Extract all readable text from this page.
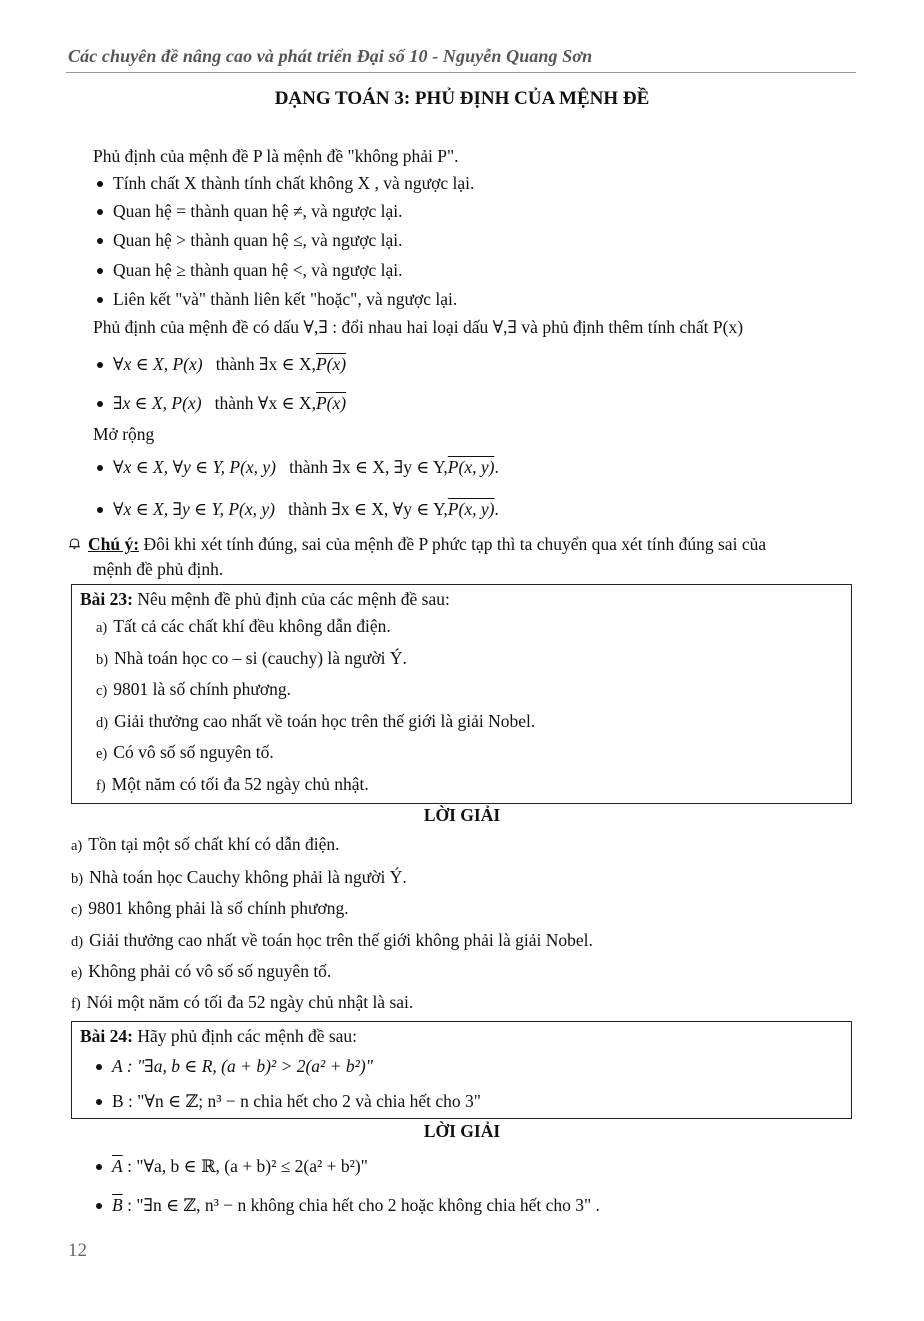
Các chuyên đề nâng cao và phát triển Đại số 10 - Nguyễn Quang Sơn
DẠNG TOÁN 3: PHỦ ĐỊNH CỦA MỆNH ĐỀ
Phủ định của mệnh đề P là mệnh đề "không phải P".
Tính chất X thành tính chất không X , và ngược lại.
Quan hệ = thành quan hệ ≠, và ngược lại.
Quan hệ > thành quan hệ ≤, và ngược lại.
Quan hệ ≥ thành quan hệ <, và ngược lại.
Liên kết "và" thành liên kết "hoặc", và ngược lại.
Phủ định của mệnh đề có dấu ∀,∃ : đổi nhau hai loại dấu ∀,∃ và phủ định thêm tính chất P(x)
∀x ∈ X, P(x) thành ∃x ∈ X,P(x)
∃x ∈ X, P(x) thành ∀x ∈ X,P(x)
Mở rộng
∀x ∈ X, ∀y ∈ Y, P(x, y) thành ∃x ∈ X, ∃y ∈ Y,P(x, y).
∀x ∈ X, ∃y ∈ Y, P(x, y) thành ∃x ∈ X, ∀y ∈ Y,P(x, y).
Chú ý: Đôi khi xét tính đúng, sai của mệnh đề P phức tạp thì ta chuyển qua xét tính đúng sai của
mệnh đề phủ định.
Bài 23: Nêu mệnh đề phủ định của các mệnh đề sau:
a) Tất cả các chất khí đều không dẫn điện.
b) Nhà toán học co – si (cauchy) là người Ý.
c) 9801 là số chính phương.
d) Giải thưởng cao nhất về toán học trên thế giới là giải Nobel.
e) Có vô số số nguyên tố.
f) Một năm có tối đa 52 ngày chủ nhật.
LỜI GIẢI
a) Tồn tại một số chất khí có dẫn điện.
b) Nhà toán học Cauchy không phải là người Ý.
c) 9801 không phải là số chính phương.
d) Giải thưởng cao nhất về toán học trên thế giới không phải là giải Nobel.
e) Không phải có vô số số nguyên tố.
f) Nói một năm có tối đa 52 ngày chủ nhật là sai.
Bài 24: Hãy phủ định các mệnh đề sau:
A : "∃a, b ∈ R, (a + b)² > 2(a² + b²)"
B : "∀n ∈ ℤ; n³ − n chia hết cho 2 và chia hết cho 3"
LỜI GIẢI
$\overline{A}$ : "∀a, b ∈ ℝ, (a + b)² ≤ 2(a² + b²)"
$\overline{B}$ : "∃n ∈ ℤ, n³ − n không chia hết cho 2 hoặc không chia hết cho 3" .
12
